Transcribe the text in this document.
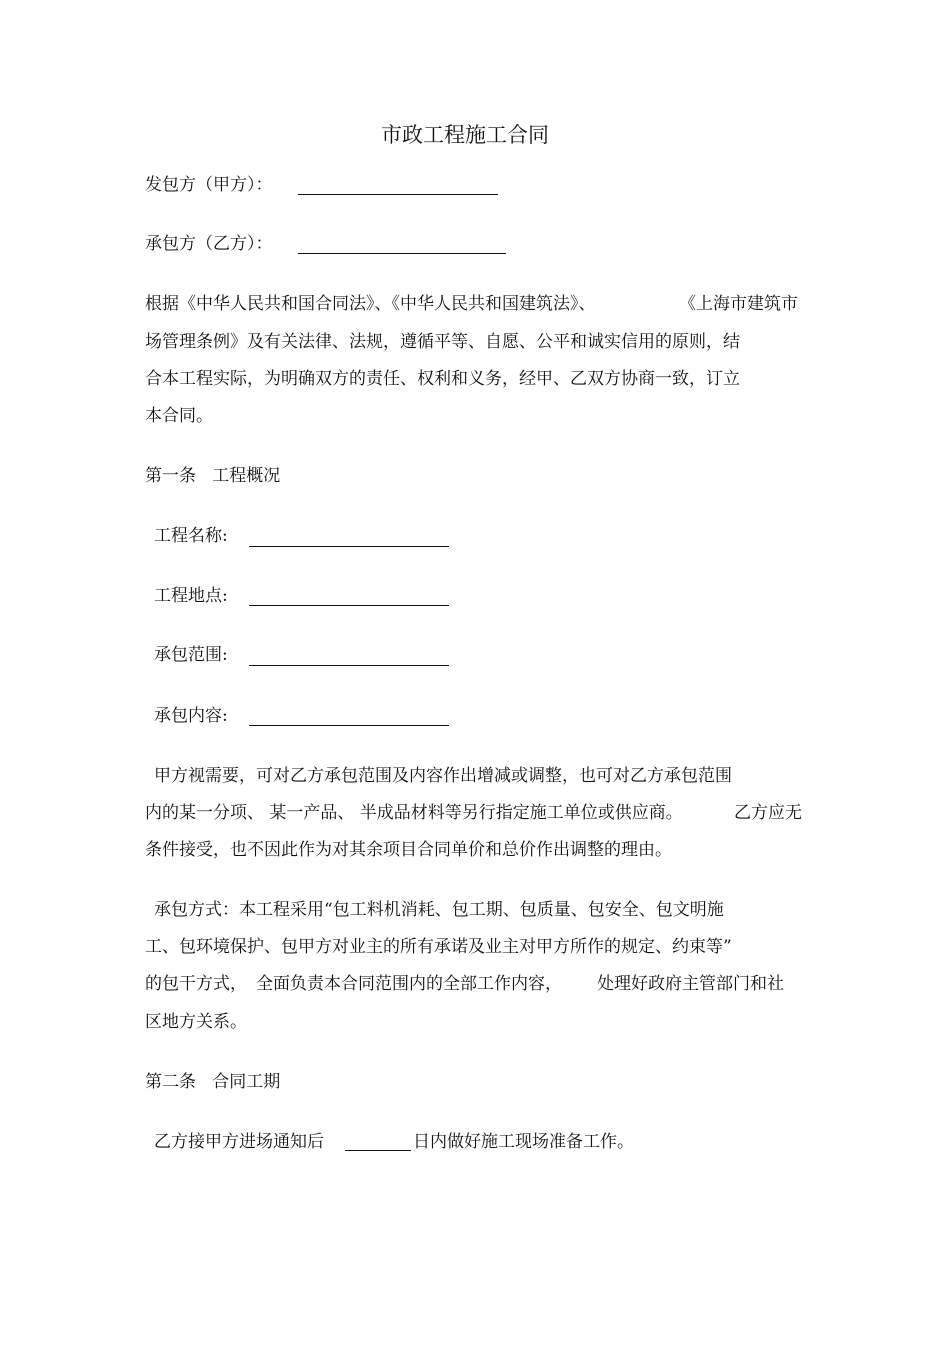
市政工程施工合同
发包方（甲方）：
承包方（乙方）：
根据《中华人民共和国合同法》、《中华人民共和国建筑法》、	《上海市建筑市
场管理条例》及有关法律、法规，遵循平等、自愿、公平和诚实信用的原则，结
合本工程实际，为明确双方的责任、权利和义务，经甲、乙双方协商一致，订立
本合同。
第一条   工程概况
工程名称:
工程地点:
承包范围:
承包内容:
甲方视需要，可对乙方承包范围及内容作出增减或调整，也可对乙方承包范围
内的某一分项、 某一产品、 半成品材料等另行指定施工单位或供应商。	乙方应无
条件接受，也不因此作为对其余项目合同单价和总价作出调整的理由。
承包方式：本工程采用“包工料机消耗、包工期、包质量、包安全、包文明施
工、包环境保护、包甲方对业主的所有承诺及业主对甲方所作的规定、约束等”
的包干方式， 全面负责本合同范围内的全部工作内容， 处理好政府主管部门和社
区地方关系。
第二条   合同工期
乙方接甲方进场通知后	日内做好施工现场准备工作。
